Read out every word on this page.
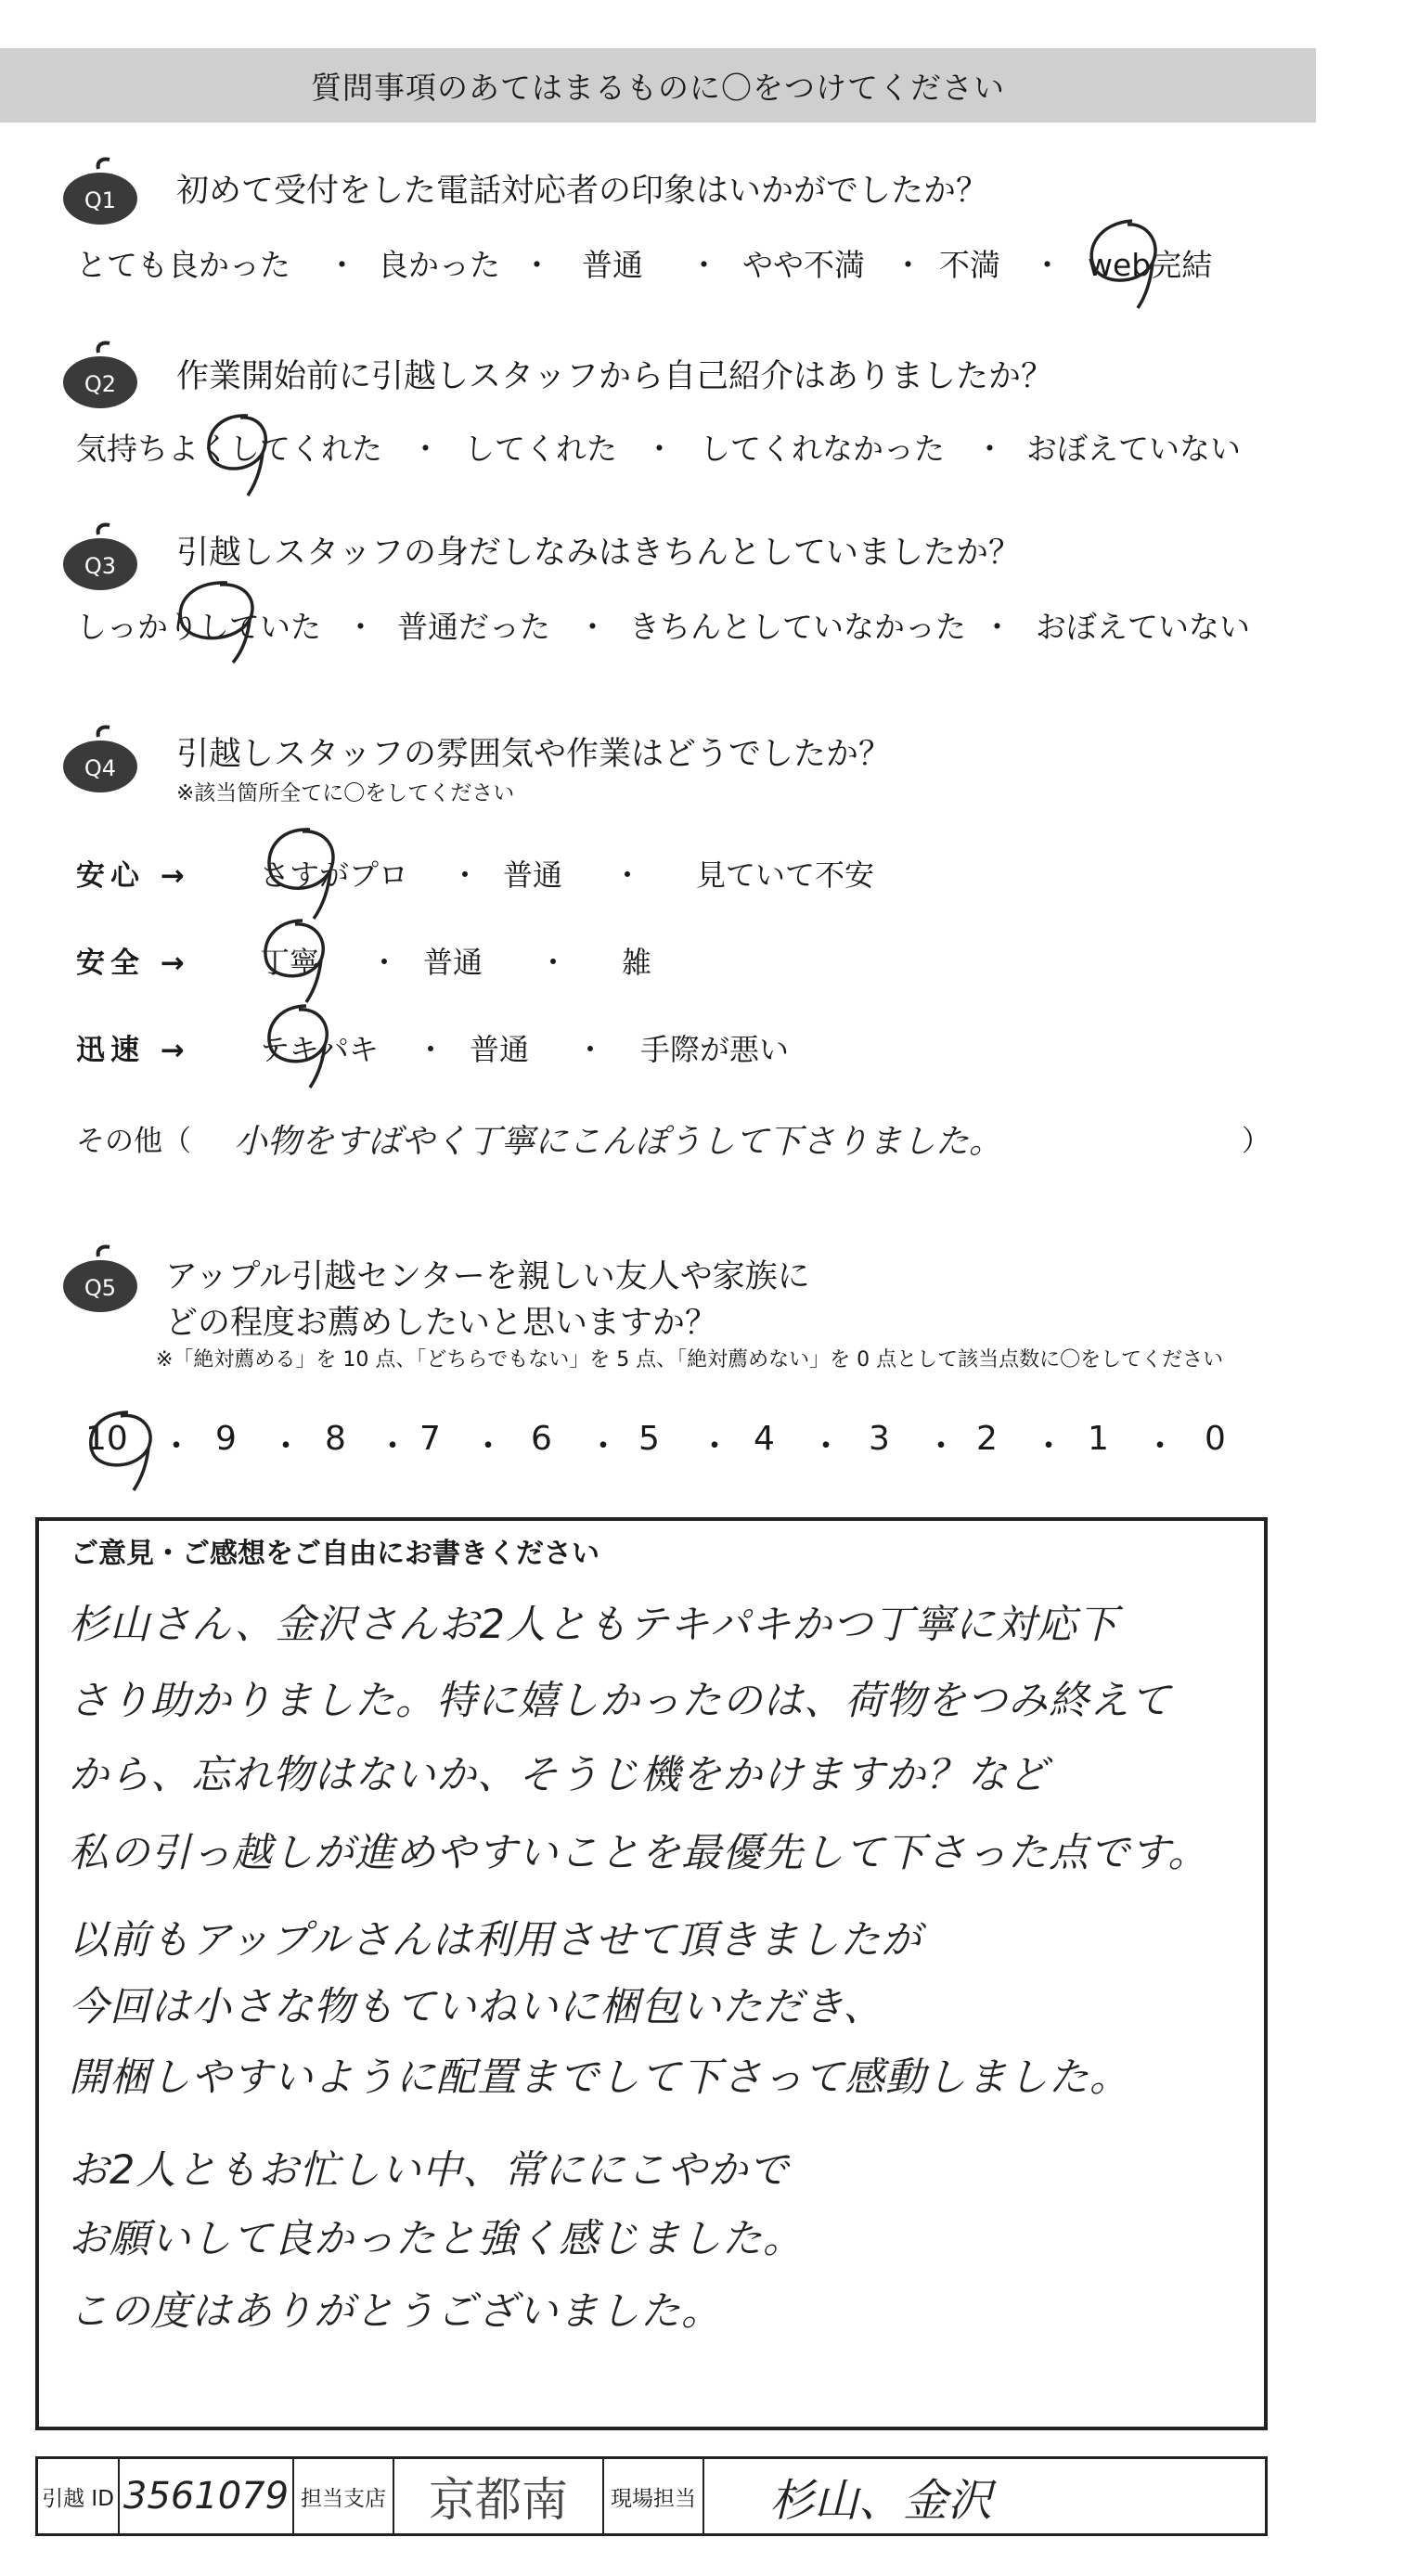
質問事項のあてはまるものに〇をつけてください
Q1 初めて受付をした電話対応者の印象はいかがでしたか？
とても良かった ・ 良かった ・ 普通 ・ やや不満 ・ 不満 ・ web完結
Q2 作業開始前に引越しスタッフから自己紹介はありましたか？
気持ちよくしてくれた ・ してくれた ・ してくれなかった ・ おぼえていない
Q3 引越しスタッフの身だしなみはきちんとしていましたか？
しっかりしていた ・ 普通だった ・ きちんとしていなかった ・ おぼえていない
Q4 引越しスタッフの雰囲気や作業はどうでしたか？
※該当箇所全てに〇をしてください
安心 → さすがプロ ・ 普通 ・ 見ていて不安
安全 → 丁寧 ・ 普通 ・ 雑
迅速 → テキパキ ・ 普通 ・ 手際が悪い
その他（ 小物をすばやく丁寧にこんぽうして下さりました。	）
Q5 アップル引越センターを親しい友人や家族に
どの程度お薦めしたいと思いますか？
※「絶対薦める」を 10 点、「どちらでもない」を 5 点、「絶対薦めない」を 0 点として該当点数に〇をしてください
10 ・ 9 ・ 8 ・ 7 ・ 6 ・ 5 ・ 4 ・ 3 ・ 2 ・ 1 ・ 0
ご意見・ご感想をご自由にお書きください
杉山さん、金沢さんお2人ともテキパキかつ丁寧に対応下
さり助かりました。特に嬉しかったのは、荷物をつみ終えて
から、忘れ物はないか、そうじ機をかけますか？など
私の引っ越しが進めやすいことを最優先して下さった点です。
以前もアップルさんは利用させて頂きましたが
今回は小さな物もていねいに梱包いただき、
開梱しやすいように配置までして下さって感動しました。
お2人ともお忙しい中、常ににこやかで
お願いして良かったと強く感じました。
この度はありがとうございました。
引越 ID 3561079 担当支店 京都南 現場担当 杉山、金沢
